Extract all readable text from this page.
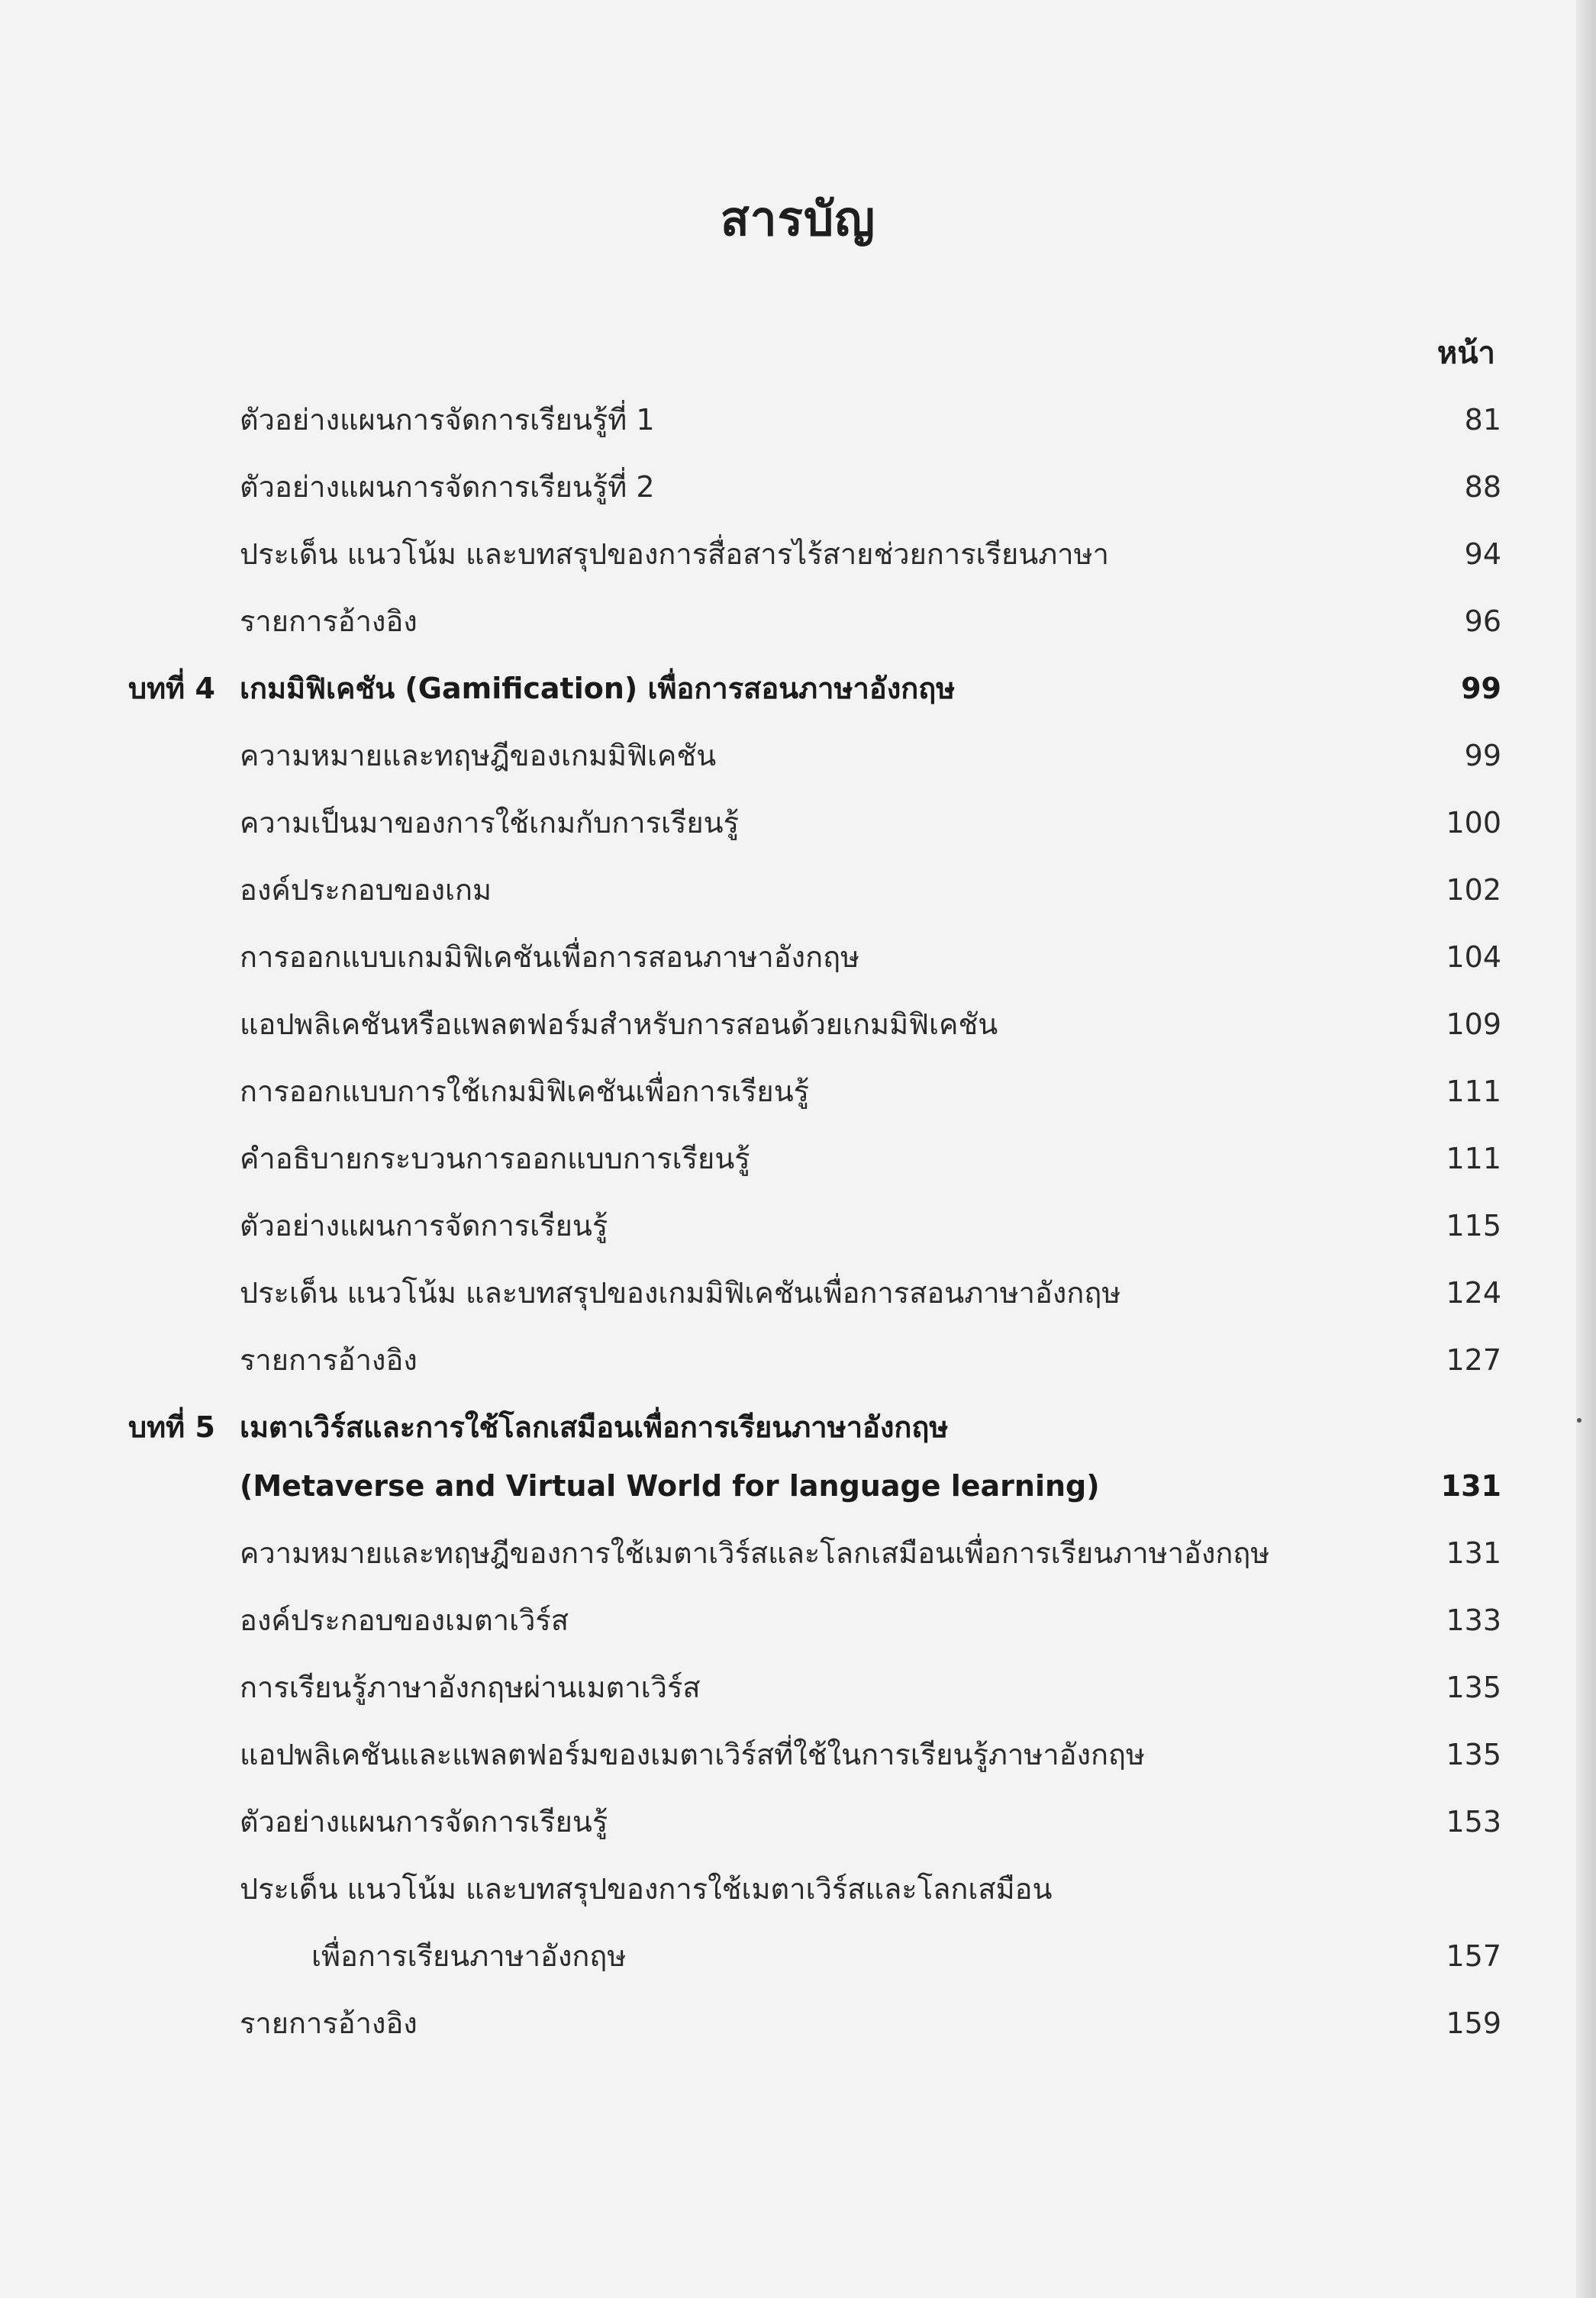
สารบัญ
หน้า
ตัวอย่างแผนการจัดการเรียนรู้ที่ 1	81
ตัวอย่างแผนการจัดการเรียนรู้ที่ 2	88
ประเด็น แนวโน้ม และบทสรุปของการสื่อสารไร้สายช่วยการเรียนภาษา	94
รายการอ้างอิง	96
บทที่ 4 เกมมิฟิเคชัน (Gamification) เพื่อการสอนภาษาอังกฤษ	99
ความหมายและทฤษฎีของเกมมิฟิเคชัน	99
ความเป็นมาของการใช้เกมกับการเรียนรู้	100
องค์ประกอบของเกม	102
การออกแบบเกมมิฟิเคชันเพื่อการสอนภาษาอังกฤษ	104
แอปพลิเคชันหรือแพลตฟอร์มสำหรับการสอนด้วยเกมมิฟิเคชัน	109
การออกแบบการใช้เกมมิฟิเคชันเพื่อการเรียนรู้	111
คำอธิบายกระบวนการออกแบบการเรียนรู้	111
ตัวอย่างแผนการจัดการเรียนรู้	115
ประเด็น แนวโน้ม และบทสรุปของเกมมิฟิเคชันเพื่อการสอนภาษาอังกฤษ	124
รายการอ้างอิง	127
บทที่ 5 เมตาเวิร์สและการใช้โลกเสมือนเพื่อการเรียนภาษาอังกฤษ
(Metaverse and Virtual World for language learning)	131
ความหมายและทฤษฎีของการใช้เมตาเวิร์สและโลกเสมือนเพื่อการเรียนภาษาอังกฤษ	131
องค์ประกอบของเมตาเวิร์ส	133
การเรียนรู้ภาษาอังกฤษผ่านเมตาเวิร์ส	135
แอปพลิเคชันและแพลตฟอร์มของเมตาเวิร์สที่ใช้ในการเรียนรู้ภาษาอังกฤษ	135
ตัวอย่างแผนการจัดการเรียนรู้	153
ประเด็น แนวโน้ม และบทสรุปของการใช้เมตาเวิร์สและโลกเสมือน
เพื่อการเรียนภาษาอังกฤษ	157
รายการอ้างอิง	159
